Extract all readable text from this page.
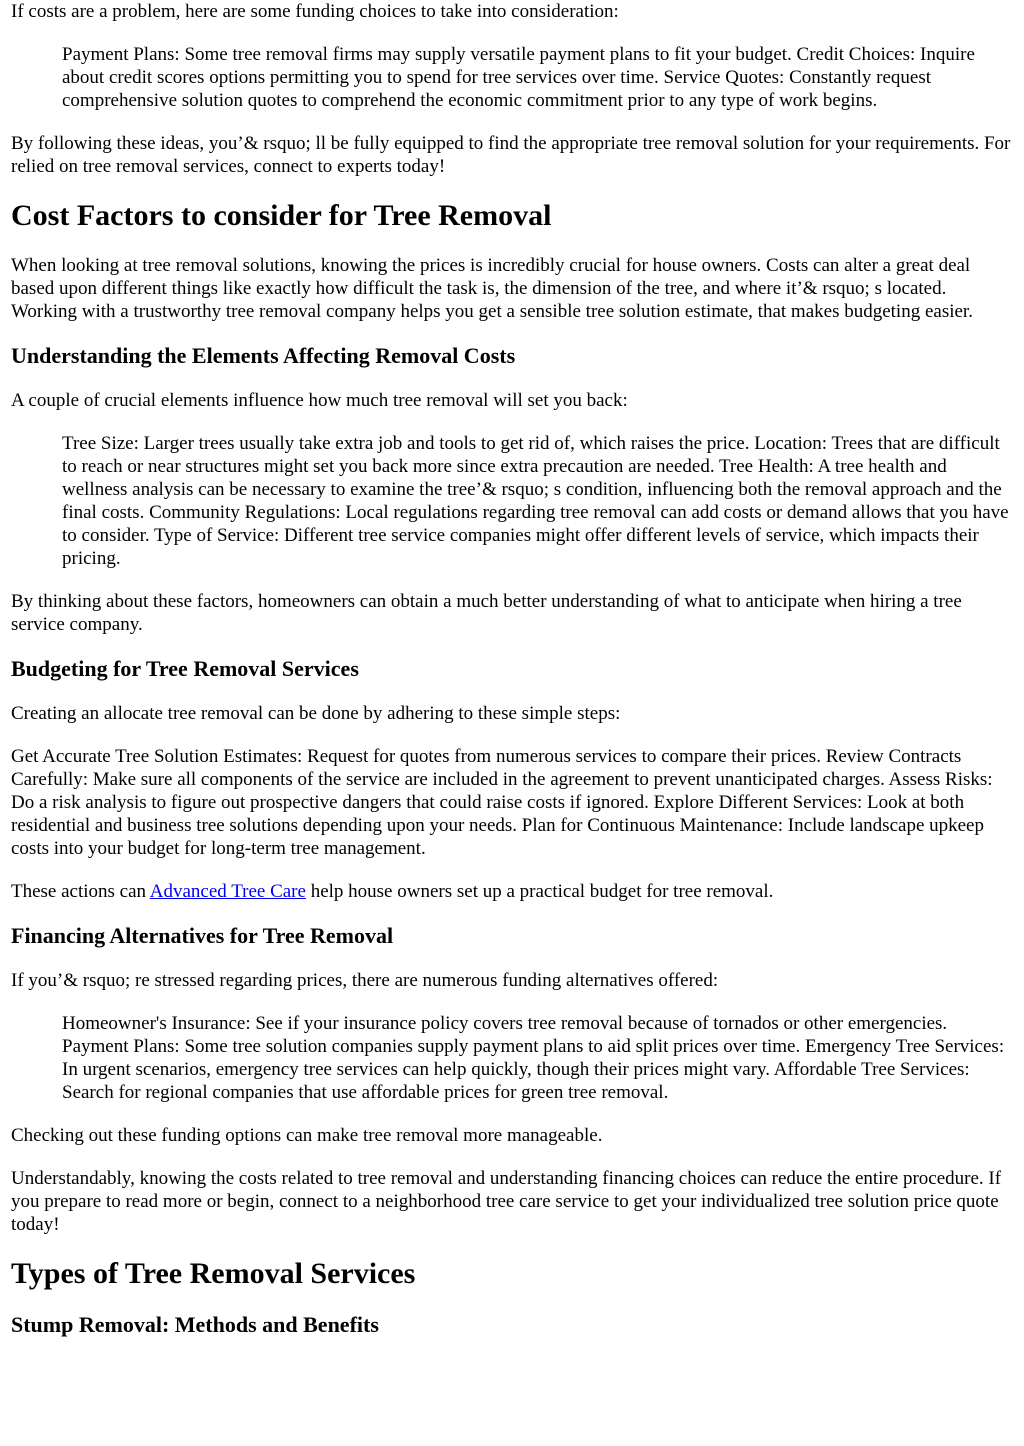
If costs are a problem, here are some funding choices to take into consideration:

Payment Plans: Some tree removal firms may supply versatile payment plans to fit your budget. Credit Choices: Inquire about credit scores options permitting you to spend for tree services over time. Service Quotes: Constantly request comprehensive solution quotes to comprehend the economic commitment prior to any type of work begins.

By following these ideas, you’& rsquo; ll be fully equipped to find the appropriate tree removal solution for your requirements. For relied on tree removal services, connect to experts today!

Cost Factors to consider for Tree Removal

When looking at tree removal solutions, knowing the prices is incredibly crucial for house owners. Costs can alter a great deal based upon different things like exactly how difficult the task is, the dimension of the tree, and where it’& rsquo; s located. Working with a trustworthy tree removal company helps you get a sensible tree solution estimate, that makes budgeting easier.

Understanding the Elements Affecting Removal Costs

A couple of crucial elements influence how much tree removal will set you back:

Tree Size: Larger trees usually take extra job and tools to get rid of, which raises the price. Location: Trees that are difficult to reach or near structures might set you back more since extra precaution are needed. Tree Health: A tree health and wellness analysis can be necessary to examine the tree’& rsquo; s condition, influencing both the removal approach and the final costs. Community Regulations: Local regulations regarding tree removal can add costs or demand allows that you have to consider. Type of Service: Different tree service companies might offer different levels of service, which impacts their pricing.

By thinking about these factors, homeowners can obtain a much better understanding of what to anticipate when hiring a tree service company.

Budgeting for Tree Removal Services

Creating an allocate tree removal can be done by adhering to these simple steps:

Get Accurate Tree Solution Estimates: Request for quotes from numerous services to compare their prices. Review Contracts Carefully: Make sure all components of the service are included in the agreement to prevent unanticipated charges. Assess Risks: Do a risk analysis to figure out prospective dangers that could raise costs if ignored. Explore Different Services: Look at both residential and business tree solutions depending upon your needs. Plan for Continuous Maintenance: Include landscape upkeep costs into your budget for long-term tree management.

These actions can Advanced Tree Care help house owners set up a practical budget for tree removal.

Financing Alternatives for Tree Removal

If you’& rsquo; re stressed regarding prices, there are numerous funding alternatives offered:

Homeowner's Insurance: See if your insurance policy covers tree removal because of tornados or other emergencies. Payment Plans: Some tree solution companies supply payment plans to aid split prices over time. Emergency Tree Services: In urgent scenarios, emergency tree services can help quickly, though their prices might vary. Affordable Tree Services: Search for regional companies that use affordable prices for green tree removal.

Checking out these funding options can make tree removal more manageable.

Understandably, knowing the costs related to tree removal and understanding financing choices can reduce the entire procedure. If you prepare to read more or begin, connect to a neighborhood tree care service to get your individualized tree solution price quote today!

Types of Tree Removal Services
Stump Removal: Methods and Benefits
